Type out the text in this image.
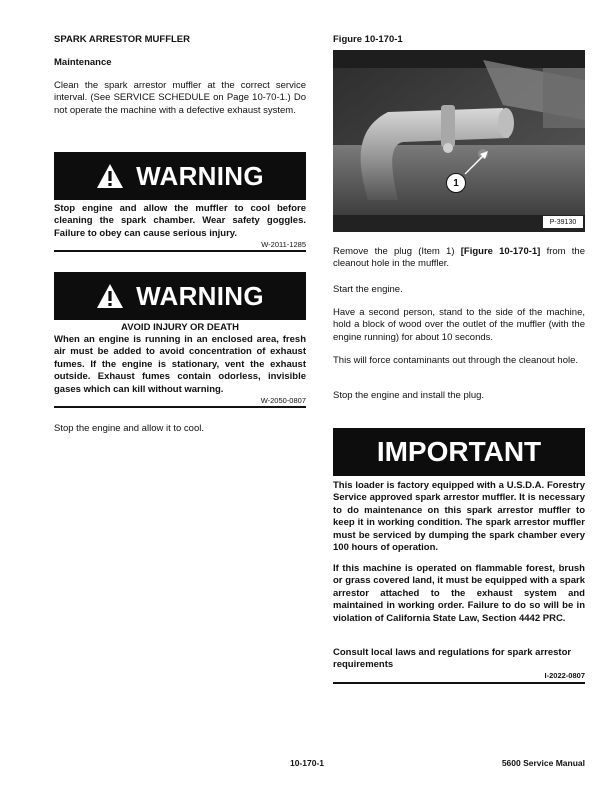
SPARK ARRESTOR MUFFLER
Maintenance

Clean the spark arrestor muffler at the correct service interval. (See SERVICE SCHEDULE on Page 10-70-1.) Do not operate the machine with a defective exhaust system.

WARNING

Stop engine and allow the muffler to cool before cleaning the spark chamber. Wear safety goggles. Failure to obey can cause serious injury.

W-2011-1285
WARNING
AVOID INJURY OR DEATH

When an engine is running in an enclosed area, fresh air must be added to avoid concentration of exhaust fumes. If the engine is stationary, vent the exhaust outside. Exhaust fumes contain odorless, invisible gases which can kill without warning.

W-2050-0807

Stop the engine and allow it to cool.

Figure 10-170-1
1
P-39130

Remove the plug (Item 1) [Figure 10-170-1] from the cleanout hole in the muffler.

Start the engine.

Have a second person, stand to the side of the machine, hold a block of wood over the outlet of the muffler (with the engine running) for about 10 seconds.

This will force contaminants out through the cleanout hole.

Stop the engine and install the plug.

IMPORTANT

This loader is factory equipped with a U.S.D.A. Forestry Service approved spark arrestor muffler. It is necessary to do maintenance on this spark arrestor muffler to keep it in working condition. The spark arrestor muffler must be serviced by dumping the spark chamber every 100 hours of operation.

If this machine is operated on flammable forest, brush or grass covered land, it must be equipped with a spark arrestor attached to the exhaust system and maintained in working order. Failure to do so will be in violation of California State Law, Section 4442 PRC.

Consult local laws and regulations for spark arrestor requirements

I-2022-0807
10-170-1	5600 Service Manual
